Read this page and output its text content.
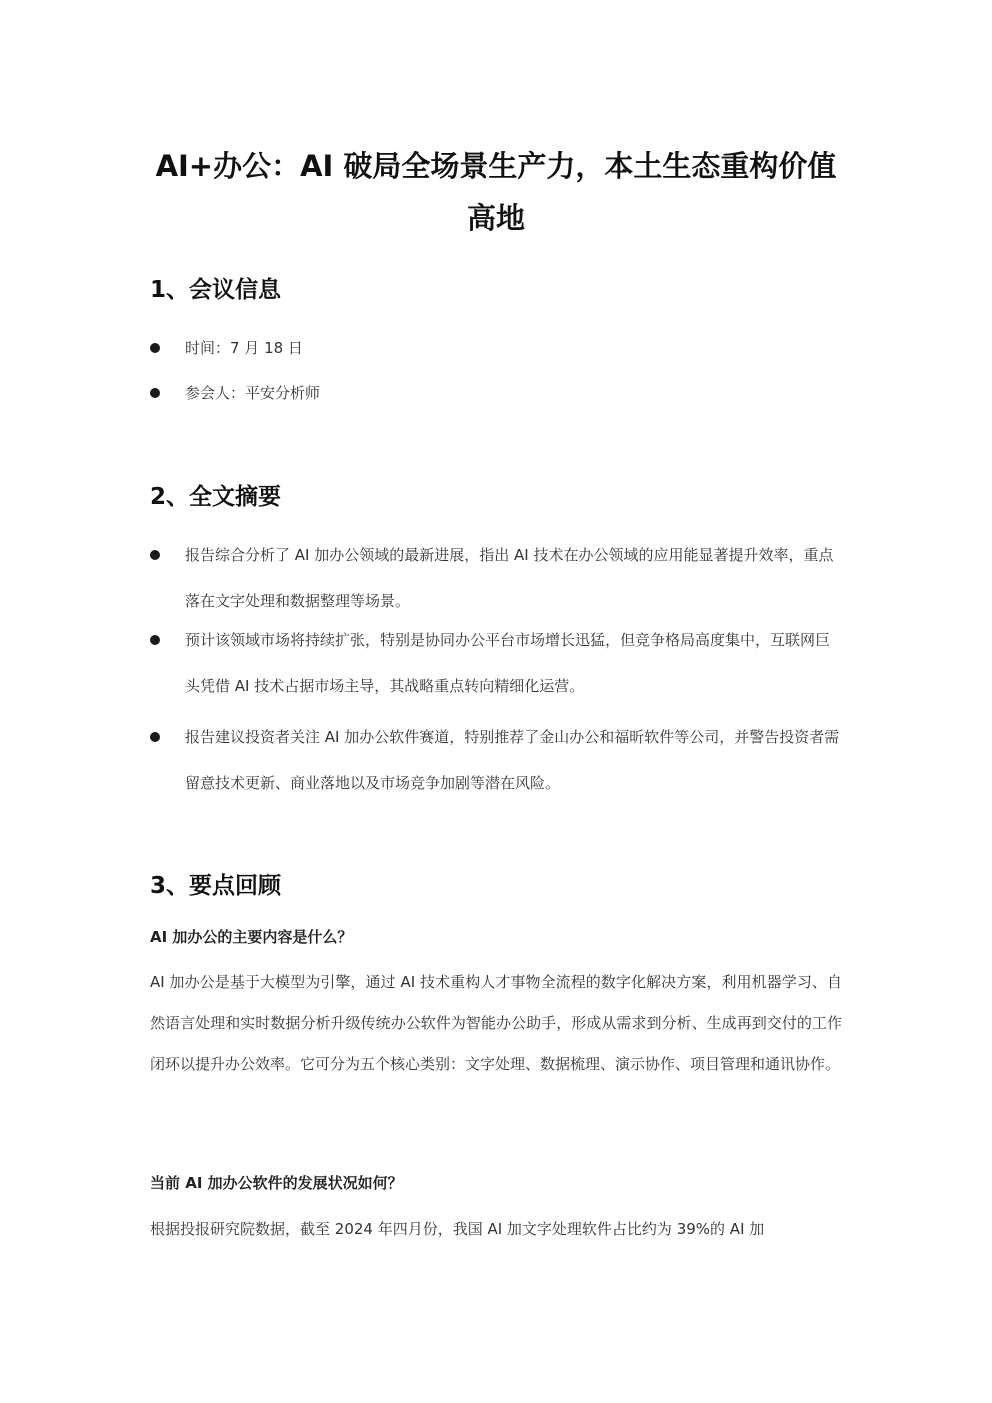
AI+办公：AI 破局全场景生产力，本土生态重构价值高地
1、会议信息
时间：7 月 18 日
参会人：平安分析师
2、全文摘要
报告综合分析了 AI 加办公领域的最新进展，指出 AI 技术在办公领域的应用能显著提升效率，重点落在文字处理和数据整理等场景。
预计该领域市场将持续扩张，特别是协同办公平台市场增长迅猛，但竞争格局高度集中，互联网巨头凭借 AI 技术占据市场主导，其战略重点转向精细化运营。
报告建议投资者关注 AI 加办公软件赛道，特别推荐了金山办公和福昕软件等公司，并警告投资者需留意技术更新、商业落地以及市场竞争加剧等潜在风险。
3、要点回顾
AI 加办公的主要内容是什么？

AI 加办公是基于大模型为引擎，通过 AI 技术重构人才事物全流程的数字化解决方案，利用机器学习、自然语言处理和实时数据分析升级传统办公软件为智能办公助手，形成从需求到分析、生成再到交付的工作闭环以提升办公效率。它可分为五个核心类别：文字处理、数据梳理、演示协作、项目管理和通讯协作。

当前 AI 加办公软件的发展状况如何？

根据投报研究院数据，截至 2024 年四月份，我国 AI 加文字处理软件占比约为 39%的 AI 加
